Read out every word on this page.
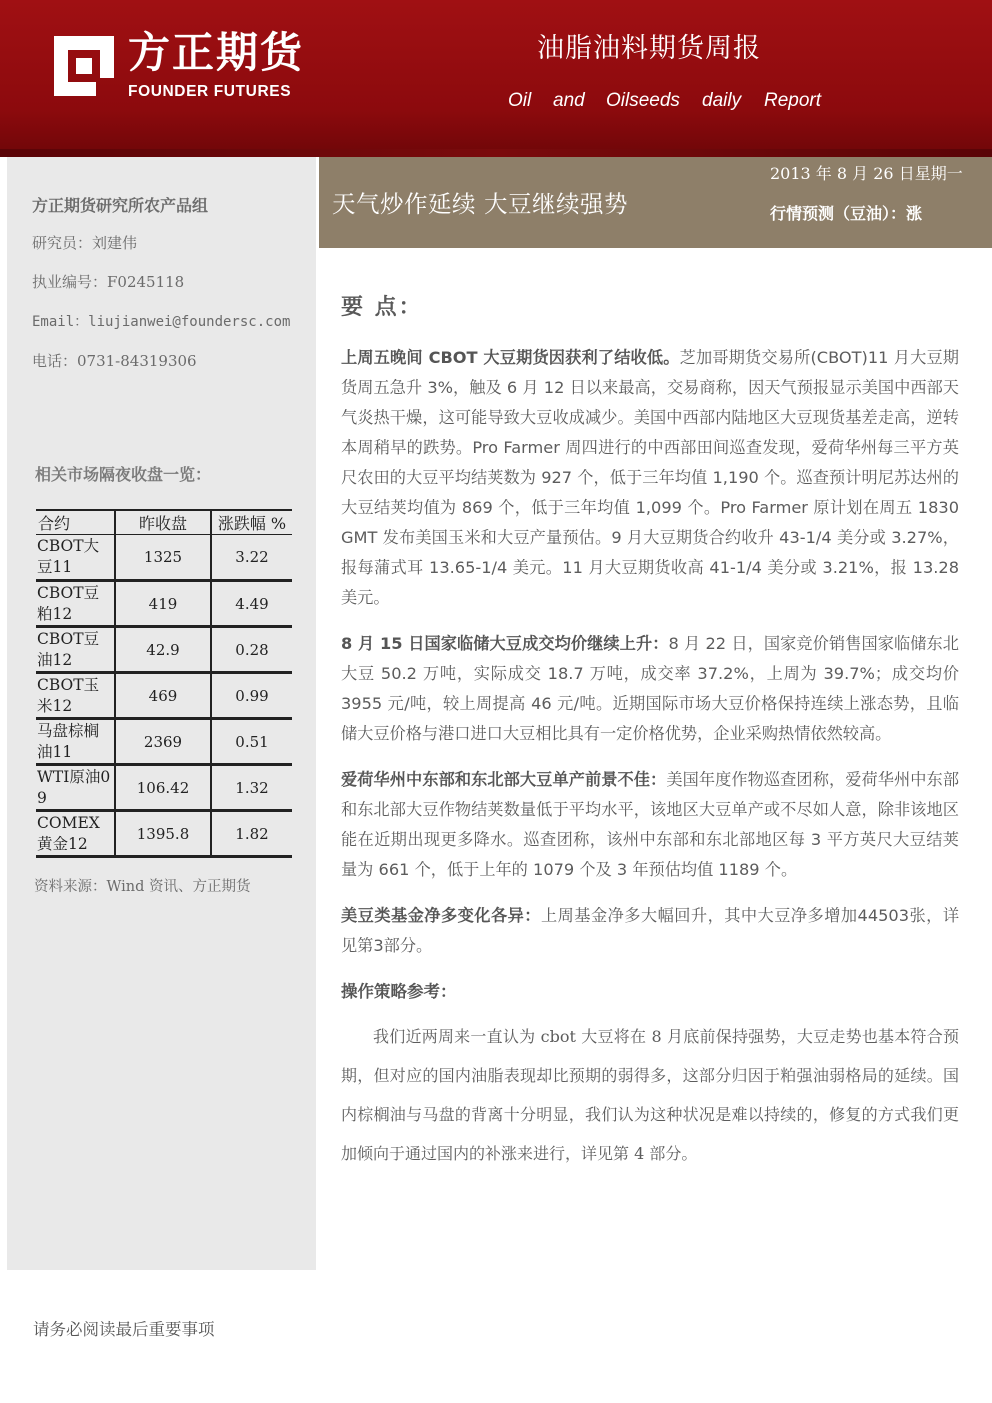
方正期货
FOUNDER FUTURES
油脂油料期货周报
Oil	and	Oilseeds	daily	Report
方正期货研究所农产品组
研究员：刘建伟
执业编号：F0245118
Email：liujianwei@foundersc.com
电话：0731-84319306
相关市场隔夜收盘一览：
合约	昨收盘	涨跌幅 %
CBOT大豆11	1325	3.22
CBOT豆粕12	419	4.49
CBOT豆油12	42.9	0.28
CBOT玉米12	469	0.99
马盘棕榈油11	2369	0.51
WTI原油09	106.42	1.32
COMEX黄金12	1395.8	1.82
资料来源：Wind 资讯、方正期货
天气炒作延续 大豆继续强势
2013 年 8 月 26 日星期一
行情预测（豆油）：涨
要 点：

上周五晚间 CBOT 大豆期货因获利了结收低。芝加哥期货交易所(CBOT)11 月大豆期货周五急升 3%，触及 6 月 12 日以来最高，交易商称，因天气预报显示美国中西部天气炎热干燥，这可能导致大豆收成减少。美国中西部内陆地区大豆现货基差走高，逆转本周稍早的跌势。Pro Farmer 周四进行的中西部田间巡查发现，爱荷华州每三平方英尺农田的大豆平均结荚数为 927 个，低于三年均值 1,190 个。巡查预计明尼苏达州的大豆结荚均值为 869 个，低于三年均值 1,099 个。Pro Farmer 原计划在周五 1830 GMT 发布美国玉米和大豆产量预估。9 月大豆期货合约收升 43-1/4 美分或 3.27%，报每蒲式耳 13.65-1/4 美元。11 月大豆期货收高 41-1/4 美分或 3.21%，报 13.28 美元。

8 月 15 日国家临储大豆成交均价继续上升：8 月 22 日，国家竞价销售国家临储东北大豆 50.2 万吨，实际成交 18.7 万吨，成交率 37.2%，上周为 39.7%；成交均价 3955 元/吨，较上周提高 46 元/吨。近期国际市场大豆价格保持连续上涨态势，且临储大豆价格与港口进口大豆相比具有一定价格优势，企业采购热情依然较高。

爱荷华州中东部和东北部大豆单产前景不佳：美国年度作物巡查团称，爱荷华州中东部和东北部大豆作物结荚数量低于平均水平，该地区大豆单产或不尽如人意，除非该地区能在近期出现更多降水。巡查团称，该州中东部和东北部地区每 3 平方英尺大豆结荚量为 661 个，低于上年的 1079 个及 3 年预估均值 1189 个。

美豆类基金净多变化各异：上周基金净多大幅回升，其中大豆净多增加44503张，详见第3部分。

操作策略参考：

我们近两周来一直认为 cbot 大豆将在 8 月底前保持强势，大豆走势也基本符合预期，但对应的国内油脂表现却比预期的弱得多，这部分归因于粕强油弱格局的延续。国内棕榈油与马盘的背离十分明显，我们认为这种状况是难以持续的，修复的方式我们更加倾向于通过国内的补涨来进行，详见第 4 部分。

请务必阅读最后重要事项
